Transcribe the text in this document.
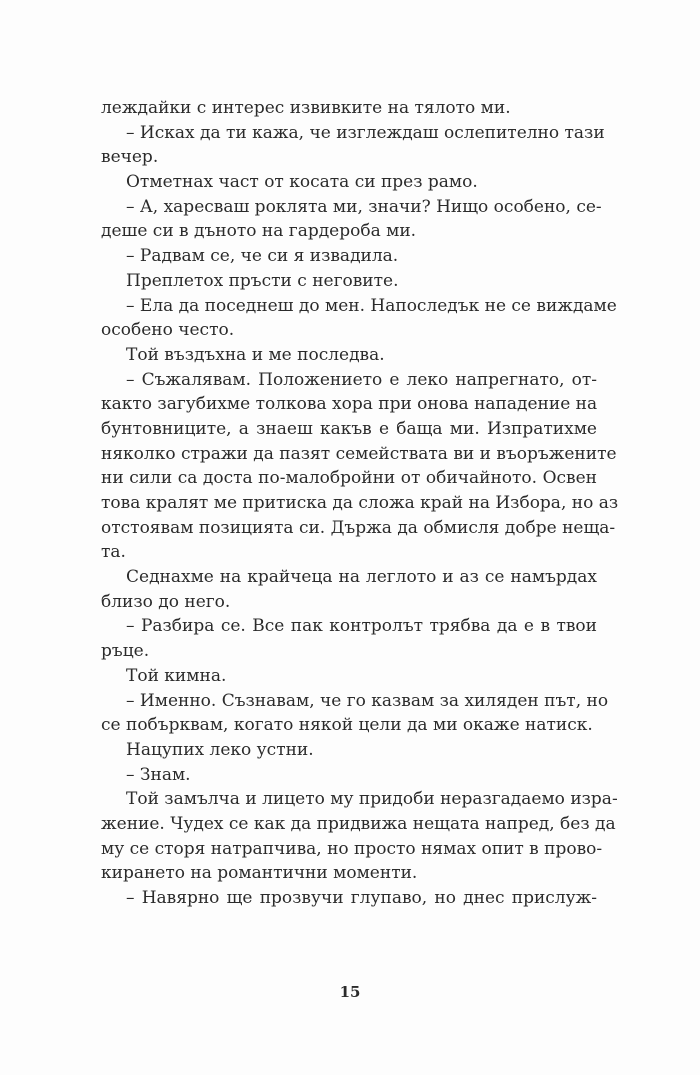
леждайки с интерес извивките на тялото ми.
– Исках да ти кажа, че изглеждаш ослепително тази
вечер.
Отметнах част от косата си през рамо.
– А, харесваш роклята ми, значи? Нищо особено, се-
деше си в дъното на гардероба ми.
– Радвам се, че си я извадила.
Преплетох пръсти с неговите.
– Ела да поседнеш до мен. Напоследък не се виждаме
особено често.
Той въздъхна и ме последва.
– Съжалявам. Положението е леко напрегнато, от-
както загубихме толкова хора при онова нападение на
бунтовниците, а знаеш какъв е баща ми. Изпратихме
няколко стражи да пазят семействата ви и въоръжените
ни сили са доста по-малобройни от обичайното. Освен
това кралят ме притиска да сложа край на Избора, но аз
отстоявам позицията си. Държа да обмисля добре неща-
та.
Седнахме на крайчеца на леглото и аз се намърдах
близо до него.
– Разбира се. Все пак контролът трябва да е в твои
ръце.
Той кимна.
– Именно. Съзнавам, че го казвам за хиляден път, но
се побърквам, когато някой цели да ми окаже натиск.
Нацупих леко устни.
– Знам.
Той замълча и лицето му придоби неразгадаемо изра-
жение. Чудех се как да придвижа нещата напред, без да
му се сторя натрапчива, но просто нямах опит в прово-
кирането на романтични моменти.
– Навярно ще прозвучи глупаво, но днес прислуж-
15
